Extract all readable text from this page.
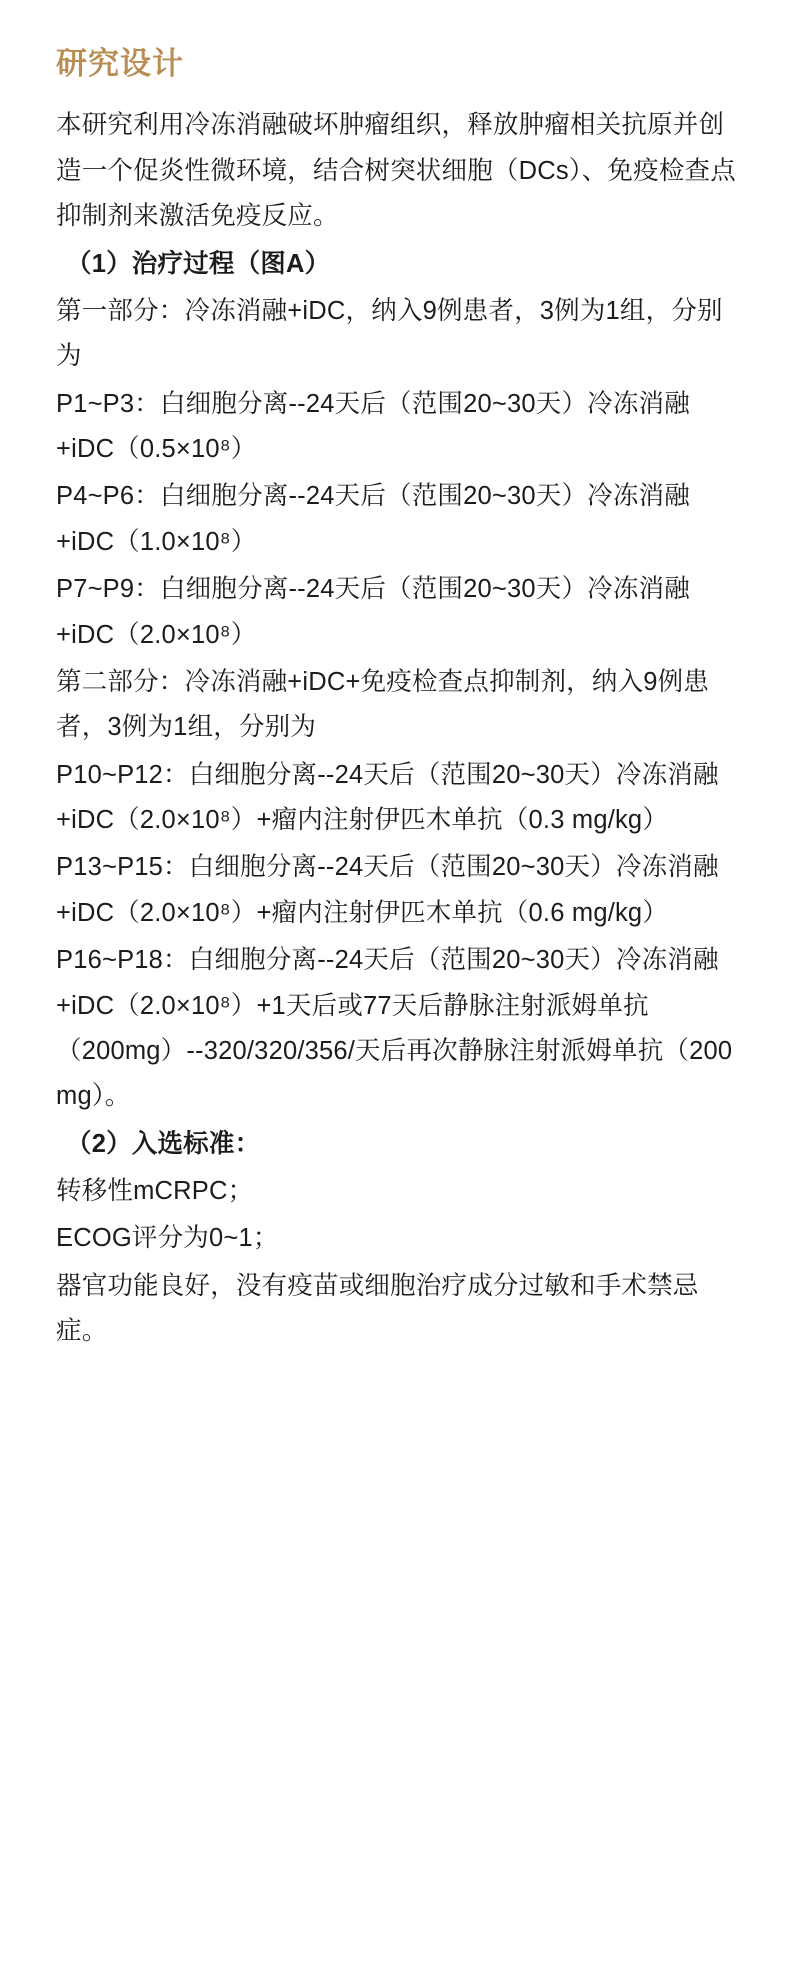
研究设计

本研究利用冷冻消融破坏肿瘤组织，释放肿瘤相关抗原并创造一个促炎性微环境，结合树突状细胞（DCs）、免疫检查点抑制剂来激活免疫反应。

（1）治疗过程（图A）

第一部分：冷冻消融+iDC，纳入9例患者，3例为1组，分别为

P1~P3：白细胞分离--24天后（范围20~30天）冷冻消融+iDC（0.5×10⁸）

P4~P6：白细胞分离--24天后（范围20~30天）冷冻消融+iDC（1.0×10⁸）

P7~P9：白细胞分离--24天后（范围20~30天）冷冻消融+iDC（2.0×10⁸）

第二部分：冷冻消融+iDC+免疫检查点抑制剂，纳入9例患者，3例为1组，分别为

P10~P12：白细胞分离--24天后（范围20~30天）冷冻消融+iDC（2.0×10⁸）+瘤内注射伊匹木单抗（0.3 mg/kg）

P13~P15：白细胞分离--24天后（范围20~30天）冷冻消融+iDC（2.0×10⁸）+瘤内注射伊匹木单抗（0.6 mg/kg）

P16~P18：白细胞分离--24天后（范围20~30天）冷冻消融+iDC（2.0×10⁸）+1天后或77天后静脉注射派姆单抗（200mg）--320/320/356/天后再次静脉注射派姆单抗（200 mg）。

（2）入选标准：

转移性mCRPC；

ECOG评分为0~1；

器官功能良好，没有疫苗或细胞治疗成分过敏和手术禁忌症。
